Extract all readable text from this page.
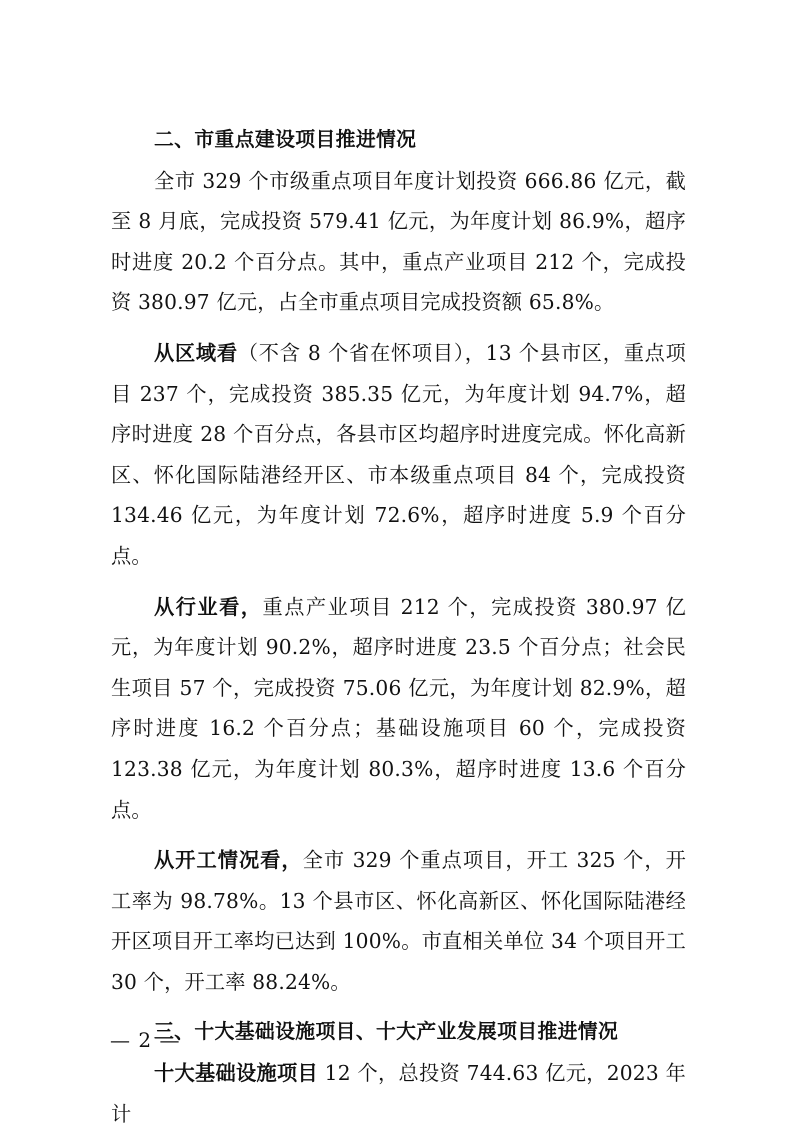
二、市重点建设项目推进情况

全市 329 个市级重点项目年度计划投资 666.86 亿元，截至 8 月底，完成投资 579.41 亿元，为年度计划 86.9%，超序时进度 20.2 个百分点。其中，重点产业项目 212 个，完成投资 380.97 亿元，占全市重点项目完成投资额 65.8%。

从区域看（不含 8 个省在怀项目），13 个县市区，重点项目 237 个，完成投资 385.35 亿元，为年度计划 94.7%，超序时进度 28 个百分点，各县市区均超序时进度完成。怀化高新区、怀化国际陆港经开区、市本级重点项目 84 个，完成投资 134.46 亿元，为年度计划 72.6%，超序时进度 5.9 个百分点。

从行业看，重点产业项目 212 个，完成投资 380.97 亿元，为年度计划 90.2%，超序时进度 23.5 个百分点；社会民生项目 57 个，完成投资 75.06 亿元，为年度计划 82.9%，超序时进度 16.2 个百分点；基础设施项目 60 个，完成投资 123.38 亿元，为年度计划 80.3%，超序时进度 13.6 个百分点。

从开工情况看，全市 329 个重点项目，开工 325 个，开工率为 98.78%。13 个县市区、怀化高新区、怀化国际陆港经开区项目开工率均已达到 100%。市直相关单位 34 个项目开工 30 个，开工率 88.24%。

三、十大基础设施项目、十大产业发展项目推进情况

十大基础设施项目 12 个，总投资 744.63 亿元，2023 年计

— 2 —
